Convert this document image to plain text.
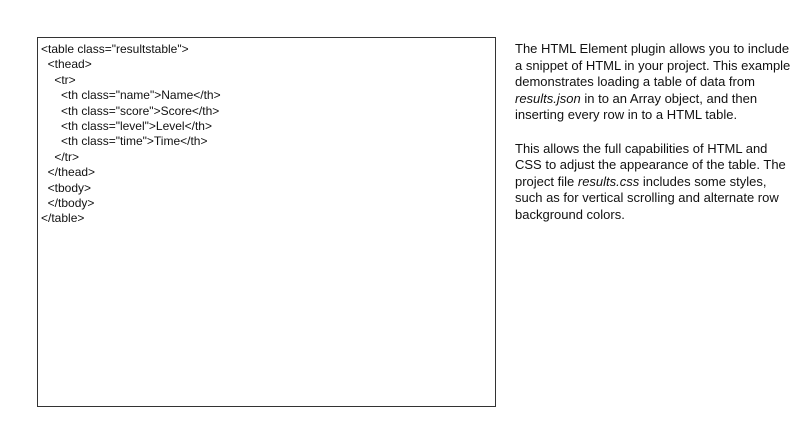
<table class="resultstable">
<thead>
<tr>
<th class="name">Name</th>
<th class="score">Score</th>
<th class="level">Level</th>
<th class="time">Time</th>
</tr>
</thead>
<tbody>
</tbody>
</table>

The HTML Element plugin allows you to include a snippet of HTML in your project. This example demonstrates loading a table of data from results.json in to an Array object, and then inserting every row in to a HTML table.

This allows the full capabilities of HTML and CSS to adjust the appearance of the table. The project file results.css includes some styles, such as for vertical scrolling and alternate row background colors.
